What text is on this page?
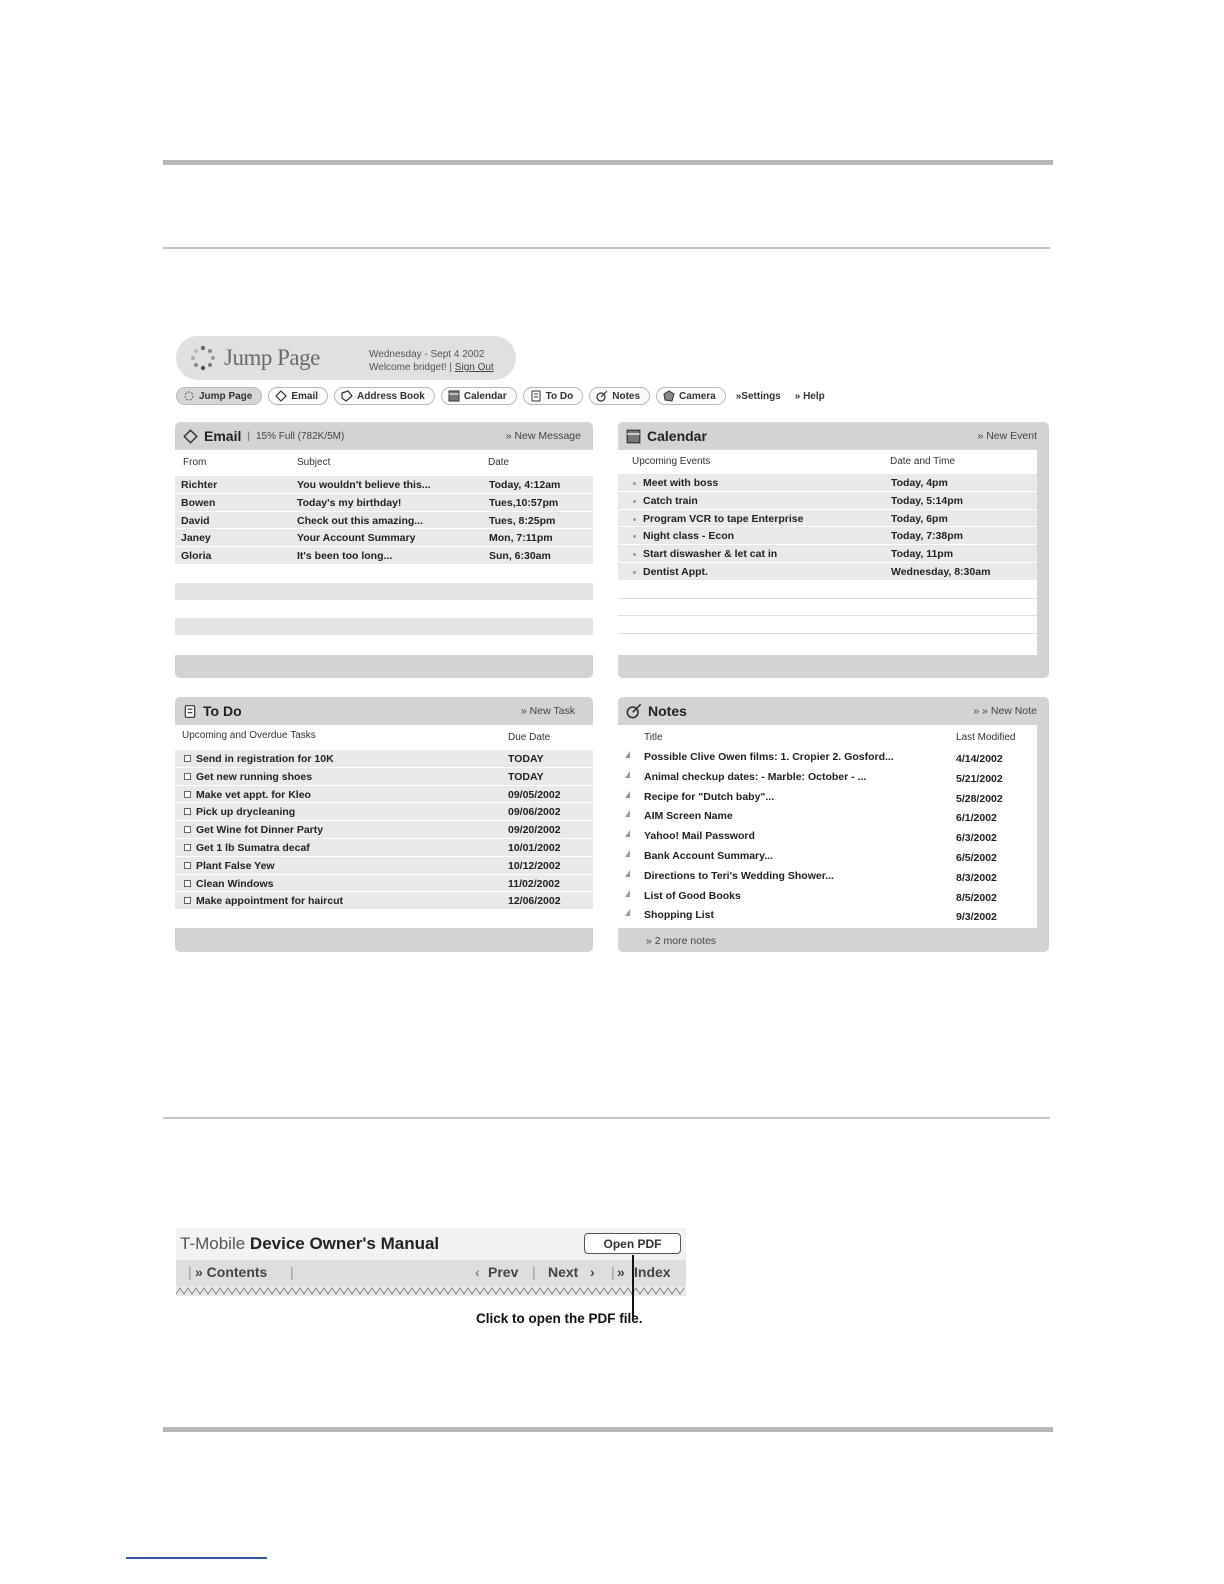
Jump Page	Wednesday - Sept 4 2002
Welcome bridget! | Sign Out
Jump Page	Email	Address Book	Calendar	To Do	Notes	Camera	»Settings	» Help
Email | 15% Full (782K/5M)	» New Message
From	Subject	Date
Richter	You wouldn't believe this...	Today, 4:12am
Bowen	Today's my birthday!	Tues,10:57pm
David	Check out this amazing...	Tues, 8:25pm
Janey	Your Account Summary	Mon, 7:11pm
Gloria	It's been too long...	Sun, 6:30am
Calendar	» New Event
Upcoming Events	Date and Time
Meet with boss	Today, 4pm
Catch train	Today, 5:14pm
Program VCR to tape Enterprise	Today, 6pm
Night class - Econ	Today, 7:38pm
Start diswasher & let cat in	Today, 11pm
Dentist Appt.	Wednesday, 8:30am
To Do	» New Task
Upcoming and Overdue Tasks	Due Date
Send in registration for 10K	TODAY
Get new running shoes	TODAY
Make vet appt. for Kleo	09/05/2002
Pick up drycleaning	09/06/2002
Get Wine fot Dinner Party	09/20/2002
Get 1 lb Sumatra decaf	10/01/2002
Plant False Yew	10/12/2002
Clean Windows	11/02/2002
Make appointment for haircut	12/06/2002
Notes	» » New Note
Title	Last Modified
Possible Clive Owen films: 1. Cropier 2. Gosford...	4/14/2002
Animal checkup dates: - Marble: October - ...	5/21/2002
Recipe for "Dutch baby"...	5/28/2002
AIM Screen Name	6/1/2002
Yahoo! Mail Password	6/3/2002
Bank Account Summary...	6/5/2002
Directions to Teri's Wedding Shower...	8/3/2002
List of Good Books	8/5/2002
Shopping List	9/3/2002
» 2 more notes
T-Mobile Device Owner's Manual	Open PDF
| » Contents |	‹ Prev | Next › | » Index
Click to open the PDF file.
